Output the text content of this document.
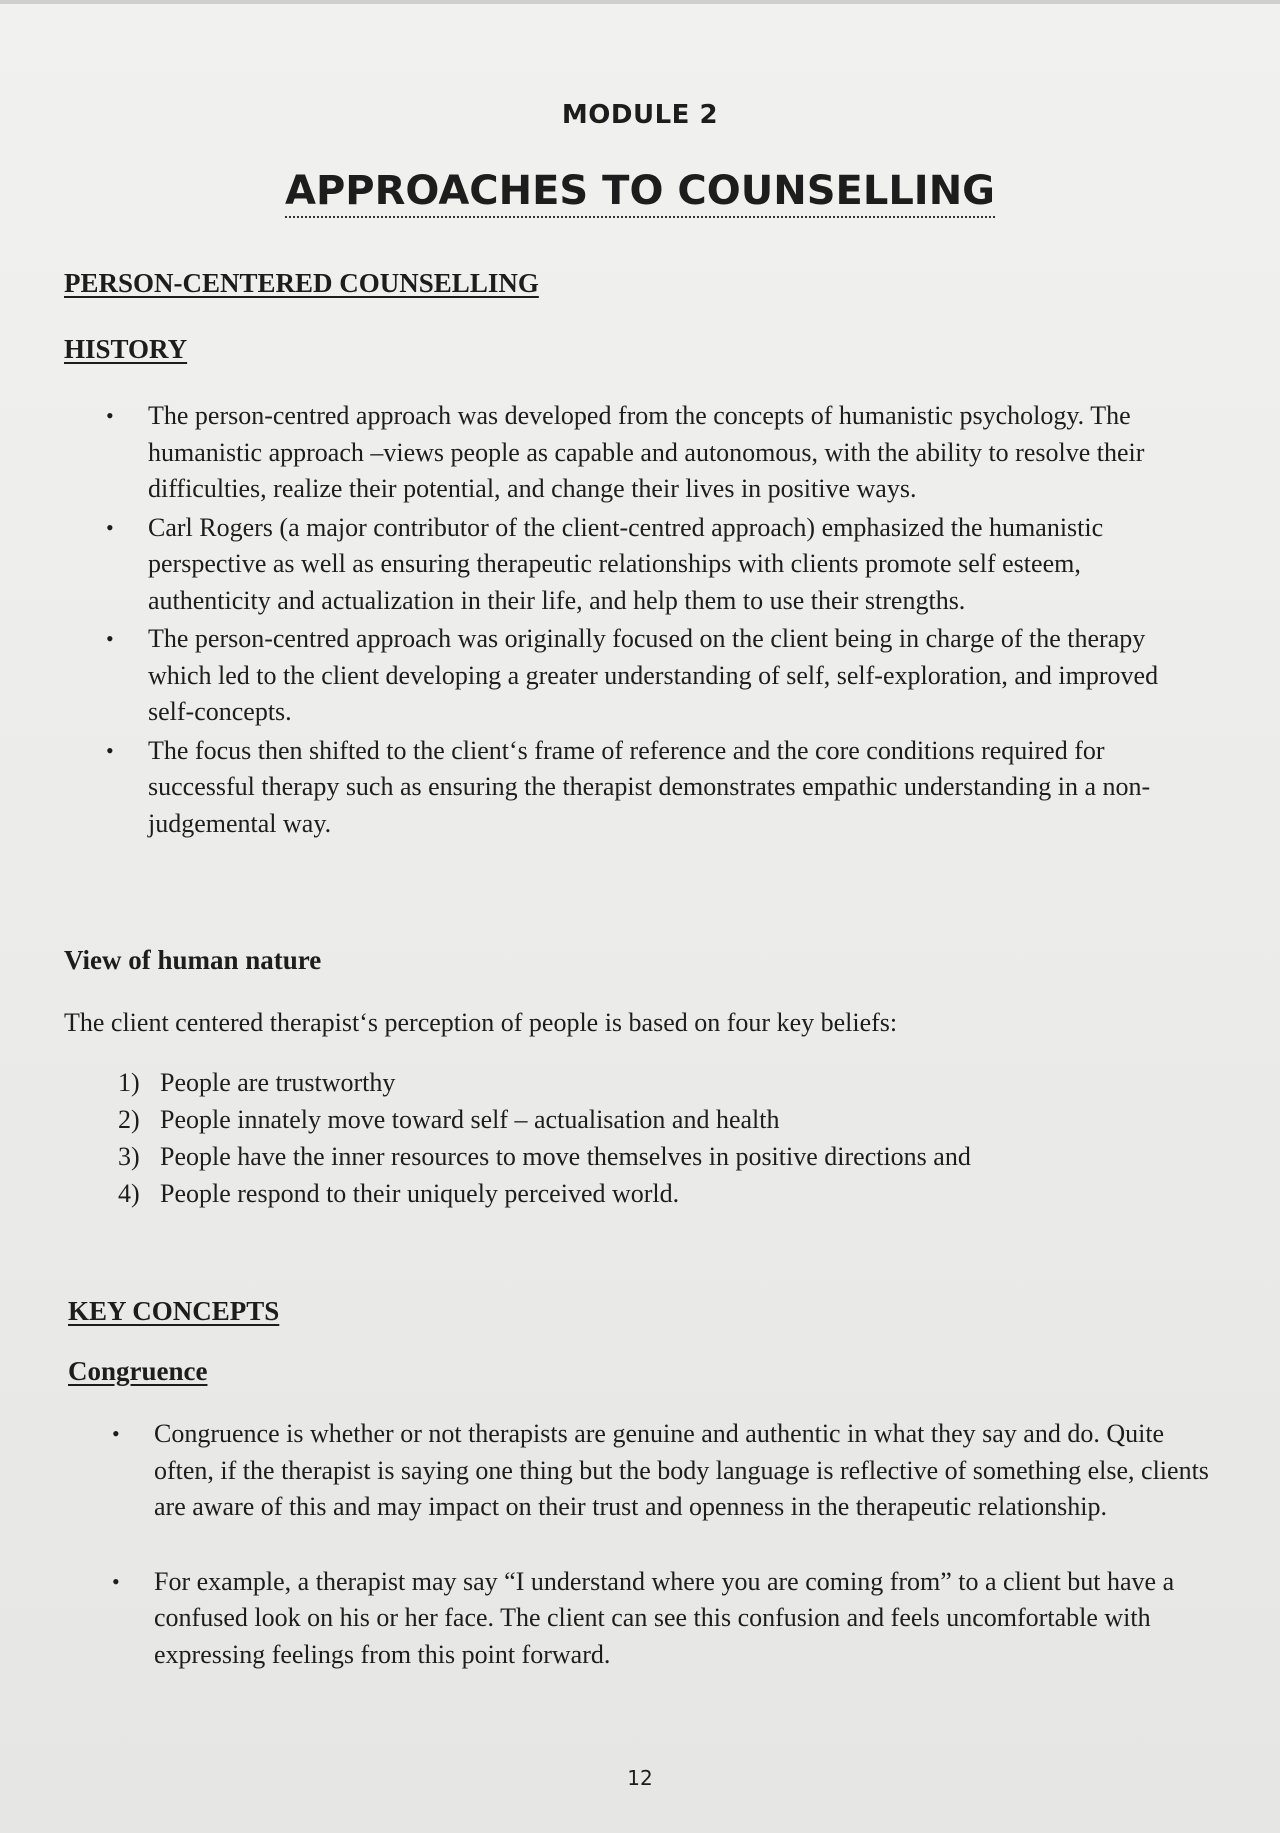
MODULE 2
APPROACHES TO COUNSELLING
PERSON-CENTERED COUNSELLING
HISTORY
• The person-centred approach was developed from the concepts of humanistic psychology. The humanistic approach –views people as capable and autonomous, with the ability to resolve their difficulties, realize their potential, and change their lives in positive ways.
• Carl Rogers (a major contributor of the client-centred approach) emphasized the humanistic perspective as well as ensuring therapeutic relationships with clients promote self esteem, authenticity and actualization in their life, and help them to use their strengths.
• The person-centred approach was originally focused on the client being in charge of the therapy which led to the client developing a greater understanding of self, self-exploration, and improved self-concepts.
• The focus then shifted to the client‘s frame of reference and the core conditions required for successful therapy such as ensuring the therapist demonstrates empathic understanding in a non-judgemental way.
View of human nature
The client centered therapist‘s perception of people is based on four key beliefs:
1) People are trustworthy
2) People innately move toward self – actualisation and health
3) People have the inner resources to move themselves in positive directions and
4) People respond to their uniquely perceived world.
KEY CONCEPTS
Congruence
• Congruence is whether or not therapists are genuine and authentic in what they say and do. Quite often, if the therapist is saying one thing but the body language is reflective of something else, clients are aware of this and may impact on their trust and openness in the therapeutic relationship.
• For example, a therapist may say “I understand where you are coming from” to a client but have a confused look on his or her face. The client can see this confusion and feels uncomfortable with expressing feelings from this point forward.
12
